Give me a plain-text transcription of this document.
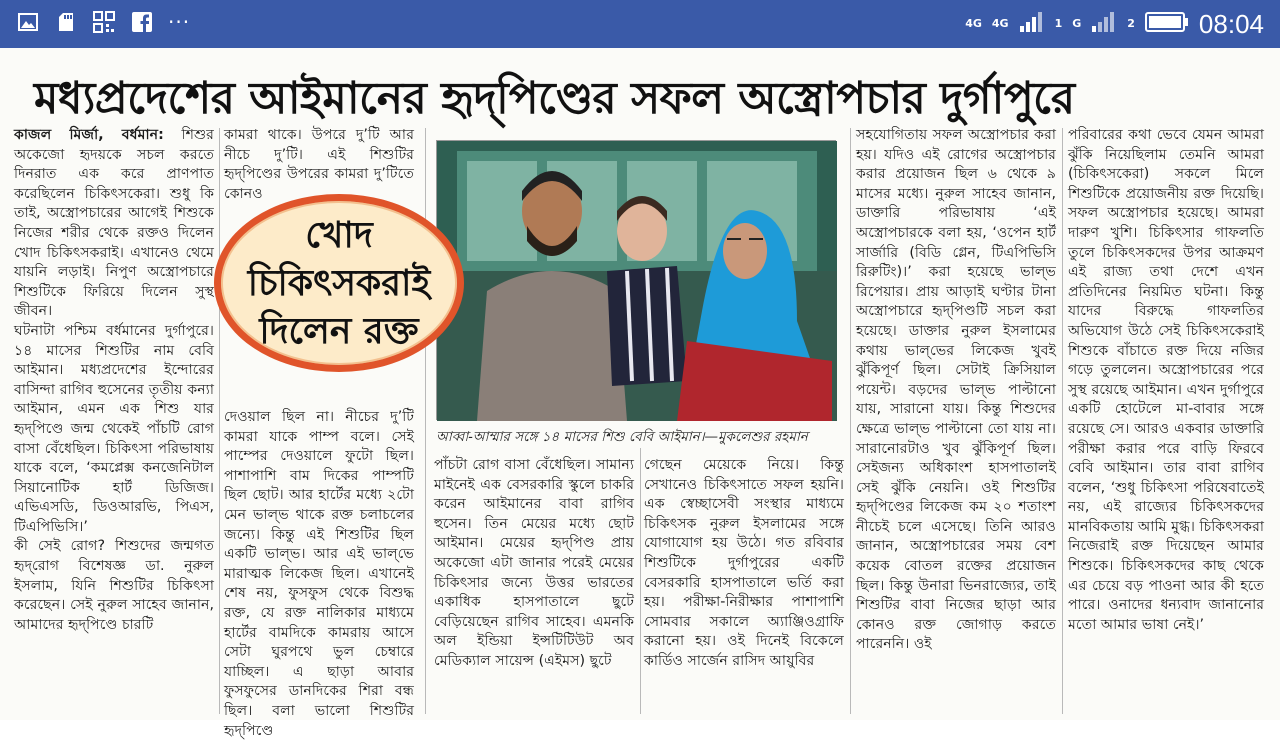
···	4G 4G	1 G	2 08:04
মধ্যপ্রদেশের আইমানের হৃদ্‌পিণ্ডের সফল অস্ত্রোপচার দুর্গাপুরে
কাজল মির্জা, বর্ধমান: শিশুর অকেজো হৃদয়কে সচল করতে দিনরাত এক করে প্রাণপাত করেছিলেন চিকিৎসকেরা। শুধু কি তাই, অস্ত্রোপচারের আগেই শিশুকে নিজের শরীর থেকে রক্তও দিলেন খোদ চিকিৎসকরাই। এখানেও থেমে যায়নি লড়াই। নিপুণ অস্ত্রোপচারে শিশুটিকে ফিরিয়ে দিলেন সুস্থ জীবন।
ঘটনাটা পশ্চিম বর্ধমানের দুর্গাপুরে। ১৪ মাসের শিশুটির নাম বেবি আইমান। মধ্যপ্রদেশের ইন্দোরের বাসিন্দা রাগিব হুসেনের তৃতীয় কন্যা আইমান, এমন এক শিশু যার হৃদ্‌পিণ্ডে জন্ম থেকেই পাঁচটি রোগ বাসা বেঁধেছিল। চিকিৎসা পরিভাষায় যাকে বলে, ‘কমপ্লেক্স কনজেনিটাল সিয়ানোটিক হার্ট ডিজিজ। এভিএসডি, ডিওআরভি, পিএস, টিএপিভিসি।’
কী সেই রোগ? শিশুদের জন্মগত হৃদ্‌রোগ বিশেষজ্ঞ ডা. নুরুল ইসলাম, যিনি শিশুটির চিকিৎসা করেছেন। সেই নুরুল সাহেব জানান, আমাদের হৃদ্‌পিণ্ডে চারটি
কামরা থাকে। উপরে দু’টি আর নীচে দু’টি। এই শিশুটির হৃদ্‌পিণ্ডের উপরের কামরা দু’টিতে কোনও
দেওয়াল ছিল না। নীচের দু’টি কামরা যাকে পাম্প বলে। সেই পাম্পের দেওয়ালে ফুটো ছিল। পাশাপাশি বাম দিকের পাম্পটি ছিল ছোট। আর হার্টের মধ্যে ২টো মেন ভাল্‌ভ থাকে রক্ত চলাচলের জন্যে। কিন্তু এই শিশুটির ছিল একটি ভাল্‌ভ। আর এই ভাল্‌ভে মারাত্মক লিকেজ ছিল। এখানেই শেষ নয়, ফুসফুস থেকে বিশুদ্ধ রক্ত, যে রক্ত নালিকার মাধ্যমে হার্টের বামদিকে কামরায় আসে সেটা ঘুরপথে ভুল চেম্বারে যাচ্ছিল। এ ছাড়া আবার ফুসফুসের ডানদিকের শিরা বন্ধ ছিল। বলা ভালো শিশুটির হৃদ্‌পিণ্ডে
আব্বা-আম্মার সঙ্গে ১৪ মাসের শিশু বেবি আইমান।—মুকলেশুর রহমান
খোদ
চিকিৎসকরাই
দিলেন রক্ত
পাঁচটা রোগ বাসা বেঁধেছিল। সামান্য মাইনেই এক বেসরকারি স্কুলে চাকরি করেন আইমানের বাবা রাগিব হুসেন। তিন মেয়ের মধ্যে ছোট আইমান। মেয়ের হৃদ্‌পিণ্ড প্রায় অকেজো এটা জানার পরেই মেয়ের চিকিৎসার জন্যে উত্তর ভারতের একাধিক হাসপাতালে ছুটে বেড়িয়েছেন রাগিব সাহেব। এমনকি অল ইন্ডিয়া ইন্সটিটিউট অব মেডিক্যাল সায়েন্স (এইমস) ছুটে
গেছেন মেয়েকে নিয়ে। কিন্তু সেখানেও চিকিৎসাতে সফল হয়নি। এক স্বেচ্ছাসেবী সংস্থার মাধ্যমে চিকিৎসক নুরুল ইসলামের সঙ্গে যোগাযোগ হয় উঠে। গত রবিবার শিশুটিকে দুর্গাপুরের একটি বেসরকারি হাসপাতালে ভর্তি করা হয়। পরীক্ষা-নিরীক্ষার পাশাপাশি সোমবার সকালে অ্যাঞ্জিওগ্রাফি করানো হয়। ওই দিনেই বিকেলে কার্ডিও সার্জেন রাসিদ আয়ুবির
সহযোগিতায় সফল অস্ত্রোপচার করা হয়। যদিও এই রোগের অস্ত্রোপচার করার প্রয়োজন ছিল ৬ থেকে ৯ মাসের মধ্যে। নুরুল সাহেব জানান, ডাক্তারি পরিভাষায় ‘এই অস্ত্রোপচারকে বলা হয়, ‘ওপেন হার্ট সার্জারি (বিডি গ্লেন, টিএপিভিসি রিরুটিং)।’ করা হয়েছে ভাল্‌ভ রিপেয়ার। প্রায় আড়াই ঘণ্টার টানা অস্ত্রোপচারে হৃদ্‌পিণ্ডটি সচল করা হয়েছে। ডাক্তার নুরুল ইসলামের কথায় ভাল্‌ভের লিকেজ খুবই ঝুঁকিপূর্ণ ছিল। সেটাই ক্রিসিয়াল পয়েন্ট। বড়দের ভাল্‌ভ পাল্টানো যায়, সারানো যায়। কিন্তু শিশুদের ক্ষেত্রে ভাল্‌ভ পাল্টানো তো যায় না। সারানোরটাও খুব ঝুঁকিপূর্ণ ছিল। সেইজন্য অধিকাংশ হাসপাতালই সেই ঝুঁকি নেয়নি। ওই শিশুটির হৃদ্‌পিণ্ডের লিকেজ কম ২০ শতাংশ নীচেই চলে এসেছে। তিনি আরও জানান, অস্ত্রোপচারের সময় বেশ কয়েক বোতল রক্তের প্রয়োজন ছিল। কিন্তু উনারা ভিনরাজ্যের, তাই শিশুটির বাবা নিজের ছাড়া আর কোনও রক্ত জোগাড় করতে পারেননি। ওই
পরিবারের কথা ভেবে যেমন আমরা ঝুঁকি নিয়েছিলাম তেমনি আমরা (চিকিৎসকেরা) সকলে মিলে শিশুটিকে প্রয়োজনীয় রক্ত দিয়েছি। সফল অস্ত্রোপচার হয়েছে। আমরা দারুণ খুশি। চিকিৎসার গাফলতি তুলে চিকিৎসকদের উপর আক্রমণ এই রাজ্য তথা দেশে এখন প্রতিদিনের নিয়মিত ঘটনা। কিন্তু যাদের বিরুদ্ধে গাফলতির অভিযোগ উঠে সেই চিকিৎসকেরাই শিশুকে বাঁচাতে রক্ত দিয়ে নজির গড়ে তুললেন। অস্ত্রোপচারের পরে সুস্থ রয়েছে আইমান। এখন দুর্গাপুরে একটি হোটেলে মা-বাবার সঙ্গে রয়েছে সে। আরও একবার ডাক্তারি পরীক্ষা করার পরে বাড়ি ফিরবে বেবি আইমান। তার বাবা রাগিব বলেন, ‘শুধু চিকিৎসা পরিষেবাতেই নয়, এই রাজ্যের চিকিৎসকদের মানবিকতায় আমি মুগ্ধ। চিকিৎসকরা নিজেরাই রক্ত দিয়েছেন আমার শিশুকে। চিকিৎসকদের কাছ থেকে এর চেয়ে বড় পাওনা আর কী হতে পারে। ওনাদের ধন্যবাদ জানানোর মতো আমার ভাষা নেই।’
